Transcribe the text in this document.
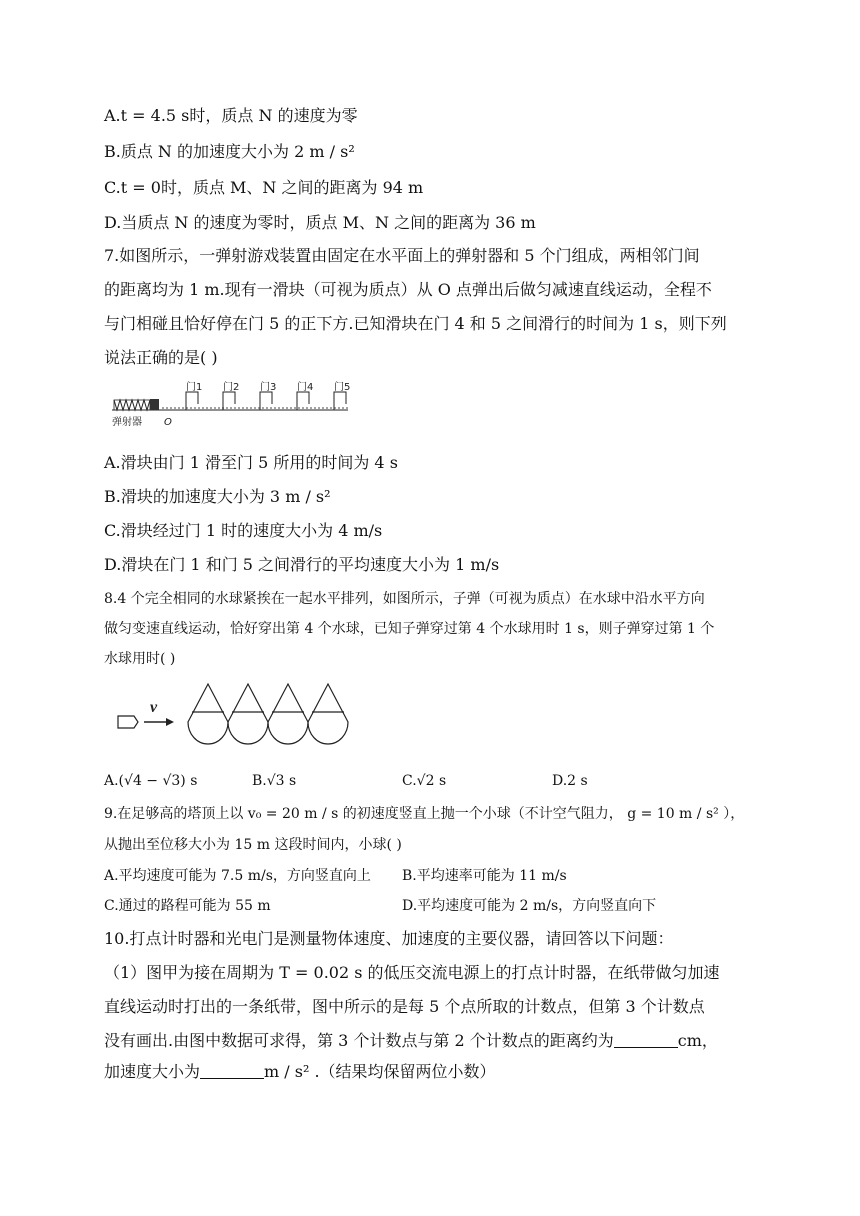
A.t = 4.5 s时，质点 N 的速度为零
B.质点 N 的加速度大小为 2 m / s²
C.t = 0时，质点 M、N 之间的距离为 94 m
D.当质点 N 的速度为零时，质点 M、N 之间的距离为 36 m
7.如图所示，一弹射游戏装置由固定在水平面上的弹射器和 5 个门组成，两相邻门间
的距离均为 1 m.现有一滑块（可视为质点）从 O 点弹出后做匀减速直线运动，全程不
与门相碰且恰好停在门 5 的正下方.已知滑块在门 4 和 5 之间滑行的时间为 1 s，则下列
说法正确的是( )
门1 门2 门3 门4 门5
弹射器 O
A.滑块由门 1 滑至门 5 所用的时间为 4 s
B.滑块的加速度大小为 3 m / s²
C.滑块经过门 1 时的速度大小为 4 m/s
D.滑块在门 1 和门 5 之间滑行的平均速度大小为 1 m/s
8.4 个完全相同的水球紧挨在一起水平排列，如图所示，子弹（可视为质点）在水球中沿水平方向
做匀变速直线运动，恰好穿出第 4 个水球，已知子弹穿过第 4 个水球用时 1 s，则子弹穿过第 1 个
水球用时( )
v
A.(√4 − √3) s	B.√3 s	C.√2 s	D.2 s
9.在足够高的塔顶上以 v₀ = 20 m / s 的初速度竖直上抛一个小球（不计空气阻力， g = 10 m / s² ），
从抛出至位移大小为 15 m 这段时间内，小球( )
A.平均速度可能为 7.5 m/s，方向竖直向上 B.平均速率可能为 11 m/s
C.通过的路程可能为 55 m	D.平均速度可能为 2 m/s，方向竖直向下
10.打点计时器和光电门是测量物体速度、加速度的主要仪器，请回答以下问题：
（1）图甲为接在周期为 T = 0.02 s 的低压交流电源上的打点计时器，在纸带做匀加速
直线运动时打出的一条纸带，图中所示的是每 5 个点所取的计数点，但第 3 个计数点
没有画出.由图中数据可求得，第 3 个计数点与第 2 个计数点的距离约为	cm，
加速度大小为	m / s² .（结果均保留两位小数）
